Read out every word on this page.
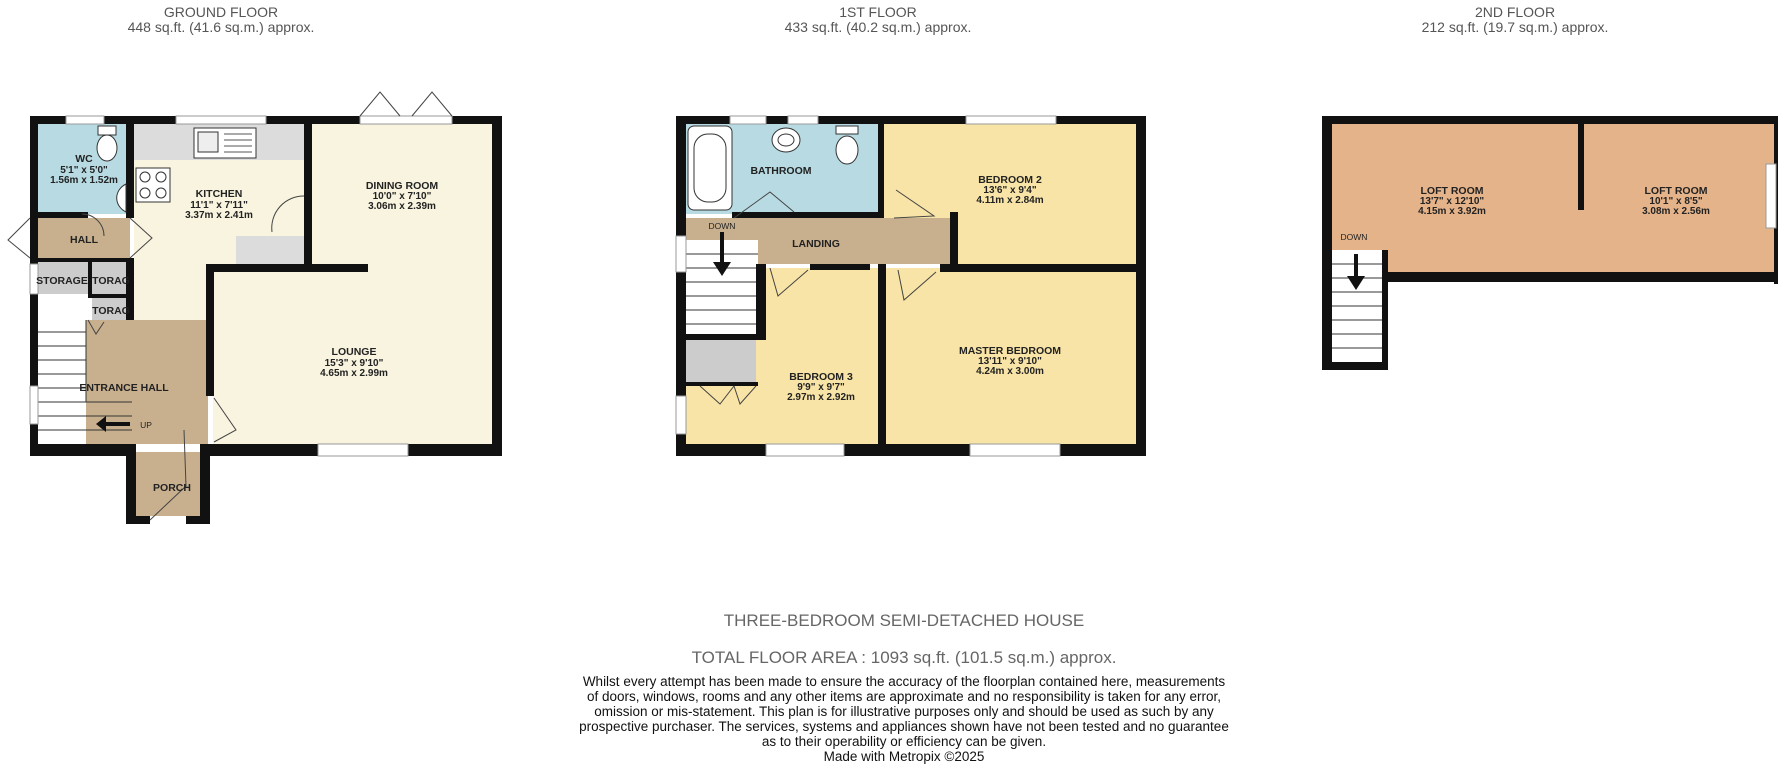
GROUND FLOOR
448 sq.ft. (41.6 sq.m.) approx.
1ST FLOOR
433 sq.ft. (40.2 sq.m.) approx.
2ND FLOOR
212 sq.ft. (19.7 sq.m.) approx.
WC
5'1" x 5'0"
1.56m x 1.52m
KITCHEN
11'1" x 7'11"
3.37m x 2.41m
DINING ROOM
10'0" x 7'10"
3.06m x 2.39m
LOUNGE
15'3" x 9'10"
4.65m x 2.99m
HALL
STORAGE TORAG
TORAG
ENTRANCE HALL
UP
PORCH
BATHROOM
BEDROOM 2
13'6" x 9'4"
4.11m x 2.84m
LANDING
DOWN
BEDROOM 3
9'9" x 9'7"
2.97m x 2.92m
MASTER BEDROOM
13'11" x 9'10"
4.24m x 3.00m
LOFT ROOM
13'7" x 12'10"
4.15m x 3.92m
LOFT ROOM
10'1" x 8'5"
3.08m x 2.56m
DOWN
THREE-BEDROOM SEMI-DETACHED HOUSE
TOTAL FLOOR AREA : 1093 sq.ft. (101.5 sq.m.) approx.
Whilst every attempt has been made to ensure the accuracy of the floorplan contained here, measurements
of doors, windows, rooms and any other items are approximate and no responsibility is taken for any error,
omission or mis-statement. This plan is for illustrative purposes only and should be used as such by any
prospective purchaser. The services, systems and appliances shown have not been tested and no guarantee
as to their operability or efficiency can be given.
Made with Metropix ©2025
